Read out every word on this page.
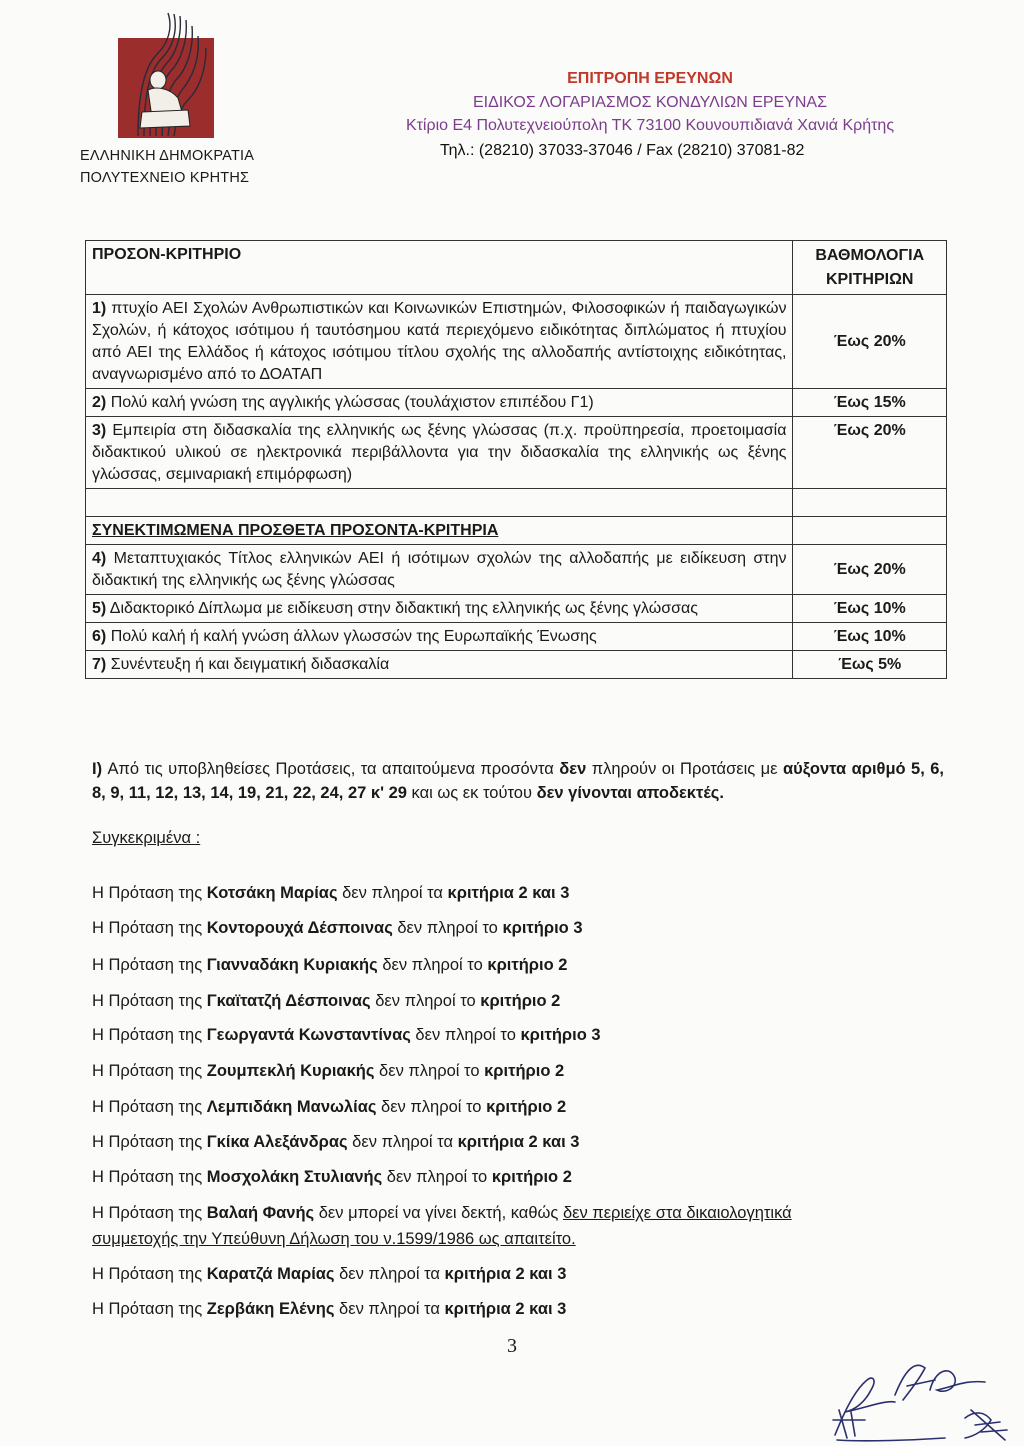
ΕΛΛΗΝΙΚΗ ΔΗΜΟΚΡΑΤΙΑ
ΠΟΛΥΤΕΧΝΕΙΟ ΚΡΗΤΗΣ
ΕΠΙΤΡΟΠΗ ΕΡΕΥΝΩΝ
ΕΙΔΙΚΟΣ ΛΟΓΑΡΙΑΣΜΟΣ ΚΟΝΔΥΛΙΩΝ ΕΡΕΥΝΑΣ
Κτίριο Ε4 Πολυτεχνειούπολη ΤΚ 73100 Κουνουπιδιανά Χανιά Κρήτης
Τηλ.: (28210) 37033-37046 / Fax (28210) 37081-82
ΠΡΟΣΟΝ-ΚΡΙΤΗΡΙΟ	ΒΑΘΜΟΛΟΓΙΑ ΚΡΙΤΗΡΙΩΝ
1) πτυχίο ΑΕΙ Σχολών Ανθρωπιστικών και Κοινωνικών Επιστημών, Φιλοσοφικών ή παιδαγωγικών Σχολών, ή κάτοχος ισότιμου ή ταυτόσημου κατά περιεχόμενο ειδικότητας διπλώματος ή πτυχίου από ΑΕΙ της Ελλάδος ή κάτοχος ισότιμου τίτλου σχολής της αλλοδαπής αντίστοιχης ειδικότητας, αναγνωρισμένο από το ΔΟΑΤΑΠ	Έως 20%
2) Πολύ καλή γνώση της αγγλικής γλώσσας (τουλάχιστον επιπέδου Γ1)	Έως 15%
3) Εμπειρία στη διδασκαλία της ελληνικής ως ξένης γλώσσας (π.χ. προϋπηρεσία, προετοιμασία διδακτικού υλικού σε ηλεκτρονικά περιβάλλοντα για την διδασκαλία της ελληνικής ως ξένης γλώσσας, σεμιναριακή επιμόρφωση)	Έως 20%

ΣΥΝΕΚΤΙΜΩΜΕΝΑ ΠΡΟΣΘΕΤΑ ΠΡΟΣΟΝΤΑ-ΚΡΙΤΗΡΙΑ	
4) Μεταπτυχιακός Τίτλος ελληνικών ΑΕΙ ή ισότιμων σχολών της αλλοδαπής με ειδίκευση στην διδακτική της ελληνικής ως ξένης γλώσσας	Έως 20%
5) Διδακτορικό Δίπλωμα με ειδίκευση στην διδακτική της ελληνικής ως ξένης γλώσσας	Έως 10%
6) Πολύ καλή ή καλή γνώση άλλων γλωσσών της Ευρωπαϊκής Ένωσης	Έως 10%
7) Συνέντευξη ή και δειγματική διδασκαλία	Έως 5%
I) Από τις υποβληθείσες Προτάσεις, τα απαιτούμενα προσόντα δεν πληρούν οι Προτάσεις με αύξοντα αριθμό 5, 6, 8, 9, 11, 12, 13, 14, 19, 21, 22, 24, 27 κ' 29 και ως εκ τούτου δεν γίνονται αποδεκτές.
Συγκεκριμένα :
Η Πρόταση της Κοτσάκη Μαρίας δεν πληροί τα κριτήρια 2 και 3
Η Πρόταση της Κοντορουχά Δέσποινας δεν πληροί το κριτήριο 3
Η Πρόταση της Γιανναδάκη Κυριακής δεν πληροί το κριτήριο 2
Η Πρόταση της Γκαϊτατζή Δέσποινας δεν πληροί το κριτήριο 2
Η Πρόταση της Γεωργαντά Κωνσταντίνας δεν πληροί το κριτήριο 3
Η Πρόταση της Ζουμπεκλή Κυριακής δεν πληροί το κριτήριο 2
Η Πρόταση της Λεμπιδάκη Μανωλίας δεν πληροί το κριτήριο 2
Η Πρόταση της Γκίκα Αλεξάνδρας δεν πληροί τα κριτήρια 2 και 3
Η Πρόταση της Μοσχολάκη Στυλιανής δεν πληροί το κριτήριο 2
Η Πρόταση της Βαλαή Φανής δεν μπορεί να γίνει δεκτή, καθώς δεν περιείχε στα δικαιολογητικά
συμμετοχής την Υπεύθυνη Δήλωση του ν.1599/1986 ως απαιτείτο.
Η Πρόταση της Καρατζά Μαρίας δεν πληροί τα κριτήρια 2 και 3
Η Πρόταση της Ζερβάκη Ελένης δεν πληροί τα κριτήρια 2 και 3
3
